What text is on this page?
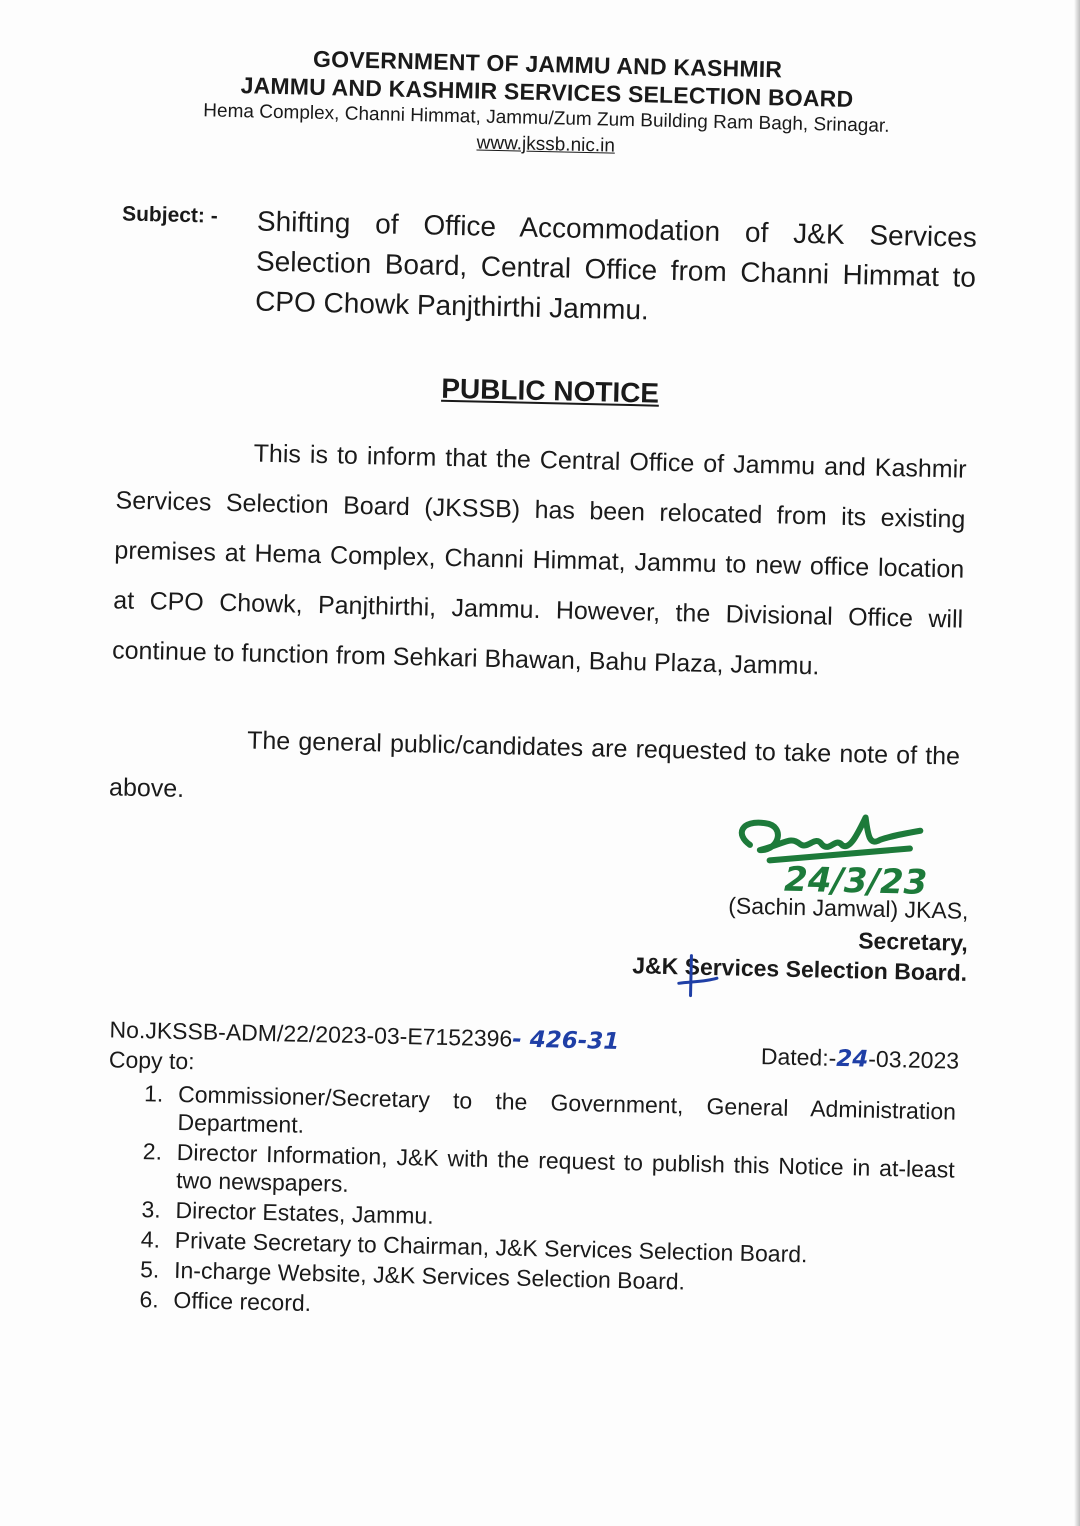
GOVERNMENT OF JAMMU AND KASHMIR
JAMMU AND KASHMIR SERVICES SELECTION BOARD
Hema Complex, Channi Himmat, Jammu/Zum Zum Building Ram Bagh, Srinagar.
www.jkssb.nic.in
Subject: - Shifting of Office Accommodation of J&K Services Selection Board, Central Office from Channi Himmat to CPO Chowk Panjthirthi Jammu.
PUBLIC NOTICE
This is to inform that the Central Office of Jammu and Kashmir Services Selection Board (JKSSB) has been relocated from its existing premises at Hema Complex, Channi Himmat, Jammu to new office location at CPO Chowk, Panjthirthi, Jammu. However, the Divisional Office will continue to function from Sehkari Bhawan, Bahu Plaza, Jammu.
The general public/candidates are requested to take note of the above.
24/3/23
(Sachin Jamwal) JKAS,
Secretary,
J&K Services Selection Board.
No.JKSSB-ADM/22/2023-03-E7152396- 426-31
Dated:-24-03.2023
Copy to:
1. Commissioner/Secretary to the Government, General Administration Department.
2. Director Information, J&K with the request to publish this Notice in at-least two newspapers.
3. Director Estates, Jammu.
4. Private Secretary to Chairman, J&K Services Selection Board.
5. In-charge Website, J&K Services Selection Board.
6. Office record.
